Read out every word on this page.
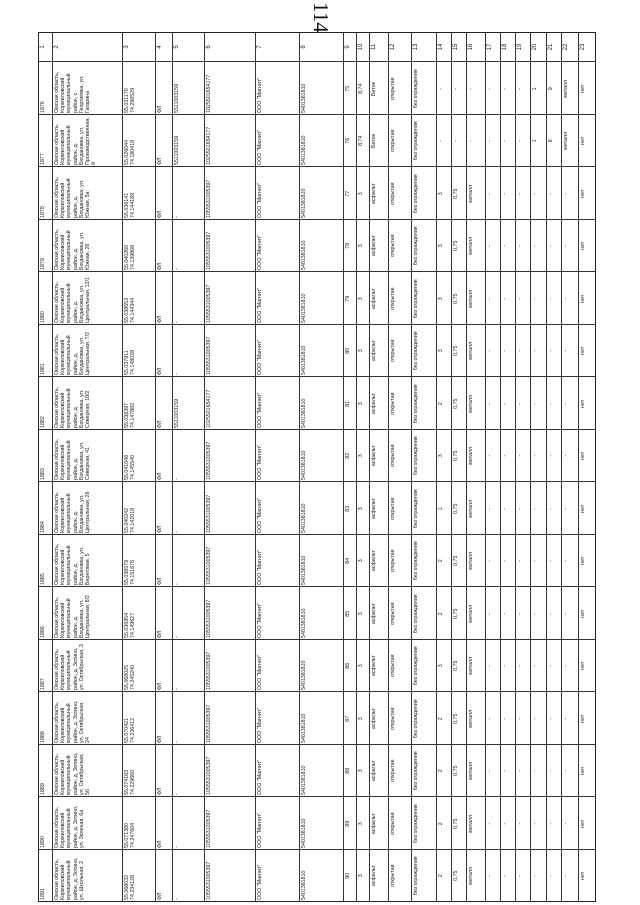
114
1	2	3	4	5	6	7	8	9	10	11	12	13	14	15	16	17	18	19	20	21	22	23
1876	Омская область, Кормиловский муниципальный район, с. Георгиевка, ул. Гагарина	55.031170 74.296529	ФЛ	5511003159	1025501654177	ООО "Магнит"	5401381810	75	8,74	Бетон	открытая	без ограждения	-	-	-	-	-	-	1	9	металл	нет
1877	Омская область, Кормиловский муниципальный район, д. Богдановка, ул. Производственная, 9	55.026044 74.180418	ФЛ	5511003159	1025501654177	ООО "Магнит"	5401381810	76	8,74	Бетон	открытая	без ограждения	-	-	-	-	-	-	1	8	металл	нет
1878	Омская область, Кормиловский муниципальный район, д. Богдановка, ул. Южная, 5а	55.036141 74.144189	ФЛ	-	1055531005397	ООО "Магнит"	5401381810	77	3	асфальт	открытая	без ограждения	3	0,75	металл	-	-	-	-	-	-	нет
1879	Омская область, Кормиловский муниципальный район, д. Богдановка, ул. Южная, 26	55.040260 74.139868	ФЛ	-	1055531005397	ООО "Магнит"	5401381810	78	3	асфальт	открытая	без ограждения	3	0,75	металл	-	-	-	-	-	-	нет
1880	Омская область, Кормиловский муниципальный район, д. Богдановка, ул. Центральная, 12/1	55.038653 74.144344	ФЛ	-	1055531005397	ООО "Магнит"	5401381810	79	3	асфальт	открытая	без ограждения	3	0,75	металл	-	-	-	-	-	-	нет
1881	Омская область, Кормиловский муниципальный район, д. Богдановка, ул. Центральная, 7/2	55.037911 74.148028	ФЛ	-	1055531005397	ООО "Магнит"	5401381810	80	3	асфальт	открытая	без ограждения	3	0,75	металл	-	-	-	-	-	-	нет
1882	Омская область, Кормиловский муниципальный район, д. Богдановка, ул. Северная, 18/2	55.038397 74.147882	ФЛ	5511003159	1025501654177	ООО "Магнит"	5401381810	81	3	асфальт	открытая	без ограждения	2	0,75	металл	-	-	-	-	-	-	нет
1883	Омская область, Кормиловский муниципальный район, д. Богдановка, ул. Северная, 41	55.041048 74.145540	ФЛ	-	1055531005397	ООО "Магнит"	5401381810	82	3	асфальт	открытая	без ограждения	3	0,75	металл	-	-	-	-	-	-	нет
1884	Омская область, Кормиловский муниципальный район, д. Богдановка, ул. Центральная, 26	55.040242 74.142018	ФЛ	-	1055531005397	ООО "Магнит"	5401381810	83	3	асфальт	открытая	без ограждения	1	0,75	металл	-	-	-	-	-	-	нет
1885	Омская область, Кормиловский муниципальный район, д. Богдановка, ул. Береговая, 5	55.038579 74.151676	ФЛ	-	1055531005397	ООО "Магнит"	5401381810	84	3	асфальт	открытая	без ограждения	2	0,75	металл	-	-	-	-	-	-	нет
1886	Омская область, Кормиловский муниципальный район, д. Богдановка, ул. Центральная, 8/2	55.036954 74.149627	ФЛ	-	1055531005397	ООО "Магнит"	5401381810	85	3	асфальт	открытая	без ограждения	2	0,75	металл	-	-	-	-	-	-	нет
1887	Омская область, Кормиловский муниципальный район, д. Зотино, ул. Октябрьская, 3	55.068025 74.245240	ФЛ	-	1055531005397	ООО "Магнит"	5401381810	86	3	асфальт	открытая	без ограждения	3	0,75	металл	-	-	-	-	-	-	нет
1888	Омская область, Кормиловский муниципальный район, д. Зотино, ул. Октябрьская, 24	55.070421 74.236412	ФЛ	-	1055531005397	ООО "Магнит"	5401381810	87	3	асфальт	открытая	без ограждения	2	0,75	металл	-	-	-	-	-	-	нет
1889	Омская область, Кормиловский муниципальный район, д. Зотино, ул. Октябрьская, 56	55.074183 74.229660	ФЛ	-	1055531005397	ООО "Магнит"	5401381810	88	3	асфальт	открытая	без ограждения	2	0,75	металл	-	-	-	-	-	-	нет
1890	Омская область, Кормиловский муниципальный район, д. Зотино, ул. Зеленая, 6а	55.071380 74.247604	ФЛ	-	1055531005397	ООО "Магнит"	5401381810	89	3	асфальт	открытая	без ограждения	2	0,75	металл	-	-	-	-	-	-	нет
1891	Омская область, Кормиловский муниципальный район, д. Зотино, ул. Школьная, 2	55.068032 74.234128	ФЛ	-	1055531005397	ООО "Магнит"	5401381810	90	3	асфальт	открытая	без ограждения	2	0,75	металл	-	-	-	-	-	-	нет
